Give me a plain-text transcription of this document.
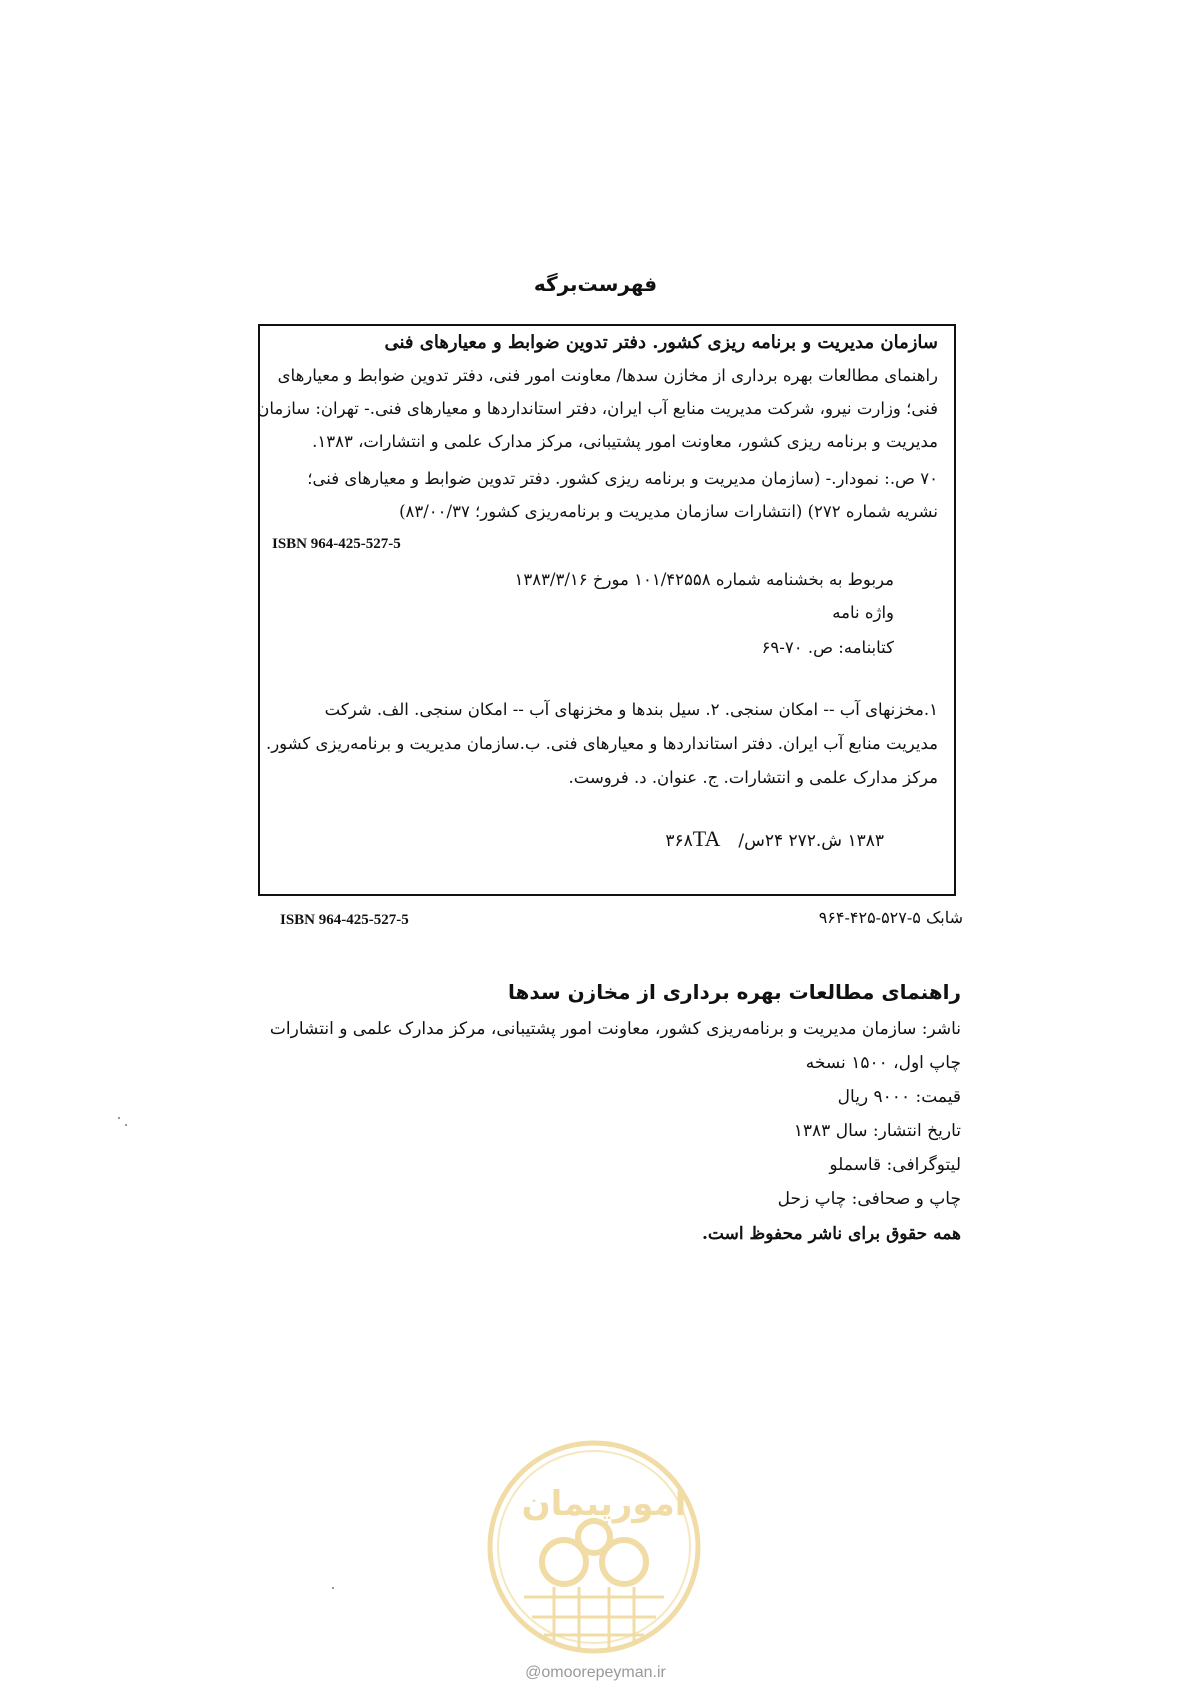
فهرست‌برگه
سازمان مدیریت و برنامه ریزی کشور. دفتر تدوین ضوابط و معیارهای فنی
راهنمای مطالعات بهره برداری از مخازن سدها/ معاونت امور فنی، دفتر تدوین ضوابط و معیارهای
فنی؛ وزارت نیرو، شرکت مدیریت منابع آب ایران، دفتر استانداردها و معیارهای فنی.- تهران: سازمان
مدیریت و برنامه ریزی کشور، معاونت امور پشتیبانی، مرکز مدارک علمی و انتشارات، ۱۳۸۳.
۷۰ ص.: نمودار.- (سازمان مدیریت و برنامه ریزی کشور. دفتر تدوین ضوابط و معیارهای فنی؛
نشریه شماره ۲۷۲) (انتشارات سازمان مدیریت و برنامه‌ریزی کشور؛ ۸۳/۰۰/۳۷)
ISBN 964-425-527-5
مربوط به بخشنامه شماره ۱۰۱/۴۲۵۵۸ مورخ ۱۳۸۳/۳/۱۶
واژه نامه
کتابنامه: ص. ۷۰-۶۹
۱.مخزنهای آب -- امکان سنجی. ۲. سیل بندها و مخزنهای آب -- امکان سنجی. الف. شرکت
مدیریت منابع آب ایران. دفتر استانداردها و معیارهای فنی. ب.سازمان مدیریت و برنامه‌ریزی کشور.
مرکز مدارک علمی و انتشارات. ج. عنوان. د. فروست.
۱۳۸۳ ش.۲۷۲ ۲۴س/۳۶۸TA
شابک ۵-۵۲۷-۴۲۵-۹۶۴
ISBN 964-425-527-5
راهنمای مطالعات بهره برداری از مخازن سدها
ناشر: سازمان مدیریت و برنامه‌ریزی کشور، معاونت امور پشتیبانی، مرکز مدارک علمی و انتشارات
چاپ اول، ۱۵۰۰ نسخه
قیمت: ۹۰۰۰ ریال
تاریخ انتشار: سال ۱۳۸۳
لیتوگرافی: قاسملو
چاپ و صحافی: چاپ زحل
همه حقوق برای ناشر محفوظ است.
امورپیمان
@omoorepeyman.ir
